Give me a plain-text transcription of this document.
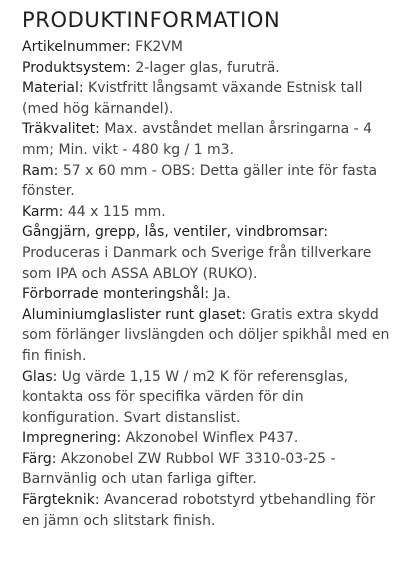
PRODUKTINFORMATION
Artikelnummer: FK2VM
Produktsystem: 2-lager glas, furuträ.
Material: Kvistfritt långsamt växande Estnisk tall (med hög kärnandel).
Träkvalitet: Max. avståndet mellan årsringarna - 4 mm; Min. vikt - 480 kg / 1 m3.
Ram: 57 x 60 mm - OBS: Detta gäller inte för fasta fönster.
Karm: 44 x 115 mm.
Gångjärn, grepp, lås, ventiler, vindbromsar: Produceras i Danmark och Sverige från tillverkare som IPA och ASSA ABLOY (RUKO).
Förborrade monteringshål: Ja.
Aluminiumglaslister runt glaset: Gratis extra skydd som förlänger livslängden och döljer spikhål med en fin finish.
Glas: Ug värde 1,15 W / m2 K för referensglas, kontakta oss för specifika värden för din konfiguration. Svart distanslist.
Impregnering: Akzonobel Winflex P437.
Färg: Akzonobel ZW Rubbol WF 3310-03-25 - Barnvänlig och utan farliga gifter.
Färgteknik: Avancerad robotstyrd ytbehandling för en jämn och slitstark finish.
